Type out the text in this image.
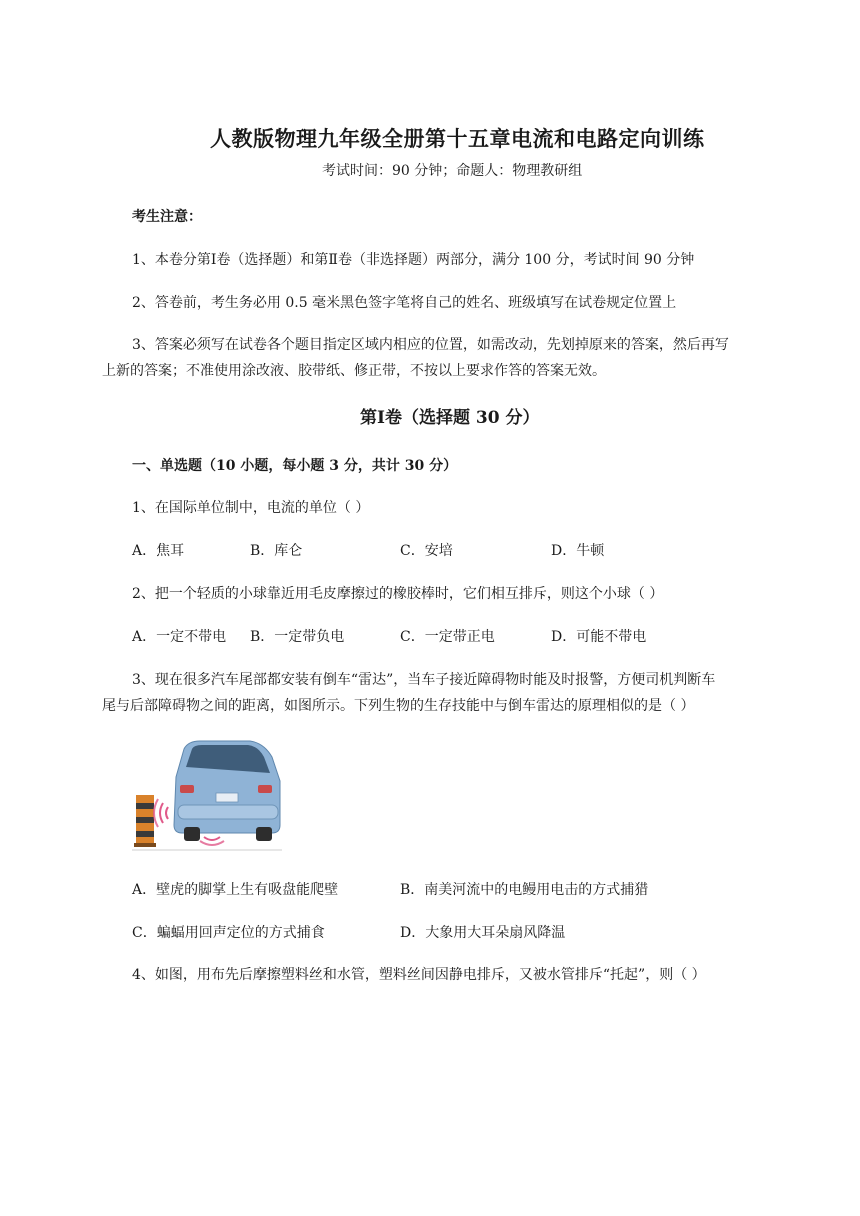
人教版物理九年级全册第十五章电流和电路定向训练
考试时间：90 分钟；命题人：物理教研组
考生注意：
1、本卷分第Ⅰ卷（选择题）和第Ⅱ卷（非选择题）两部分，满分 100 分，考试时间 90 分钟
2、答卷前，考生务必用 0.5 毫米黑色签字笔将自己的姓名、班级填写在试卷规定位置上
3、答案必须写在试卷各个题目指定区域内相应的位置，如需改动，先划掉原来的答案，然后再写
上新的答案；不准使用涂改液、胶带纸、修正带，不按以上要求作答的答案无效。
第Ⅰ卷（选择题 30 分）
一、单选题（10 小题，每小题 3 分，共计 30 分）
1、在国际单位制中，电流的单位（ ）
A．焦耳	B．库仑	C．安培	D．牛顿
2、把一个轻质的小球靠近用毛皮摩擦过的橡胶棒时，它们相互排斥，则这个小球（ ）
A．一定不带电 B．一定带负电	C．一定带正电	D．可能不带电
3、现在很多汽车尾部都安装有倒车“雷达”，当车子接近障碍物时能及时报警，方便司机判断车
尾与后部障碍物之间的距离，如图所示。下列生物的生存技能中与倒车雷达的原理相似的是（ ）
A．壁虎的脚掌上生有吸盘能爬壁	B．南美河流中的电鳗用电击的方式捕猎
C．蝙蝠用回声定位的方式捕食	D．大象用大耳朵扇风降温
4、如图，用布先后摩擦塑料丝和水管，塑料丝间因静电排斥，又被水管排斥“托起”，则（ ）
